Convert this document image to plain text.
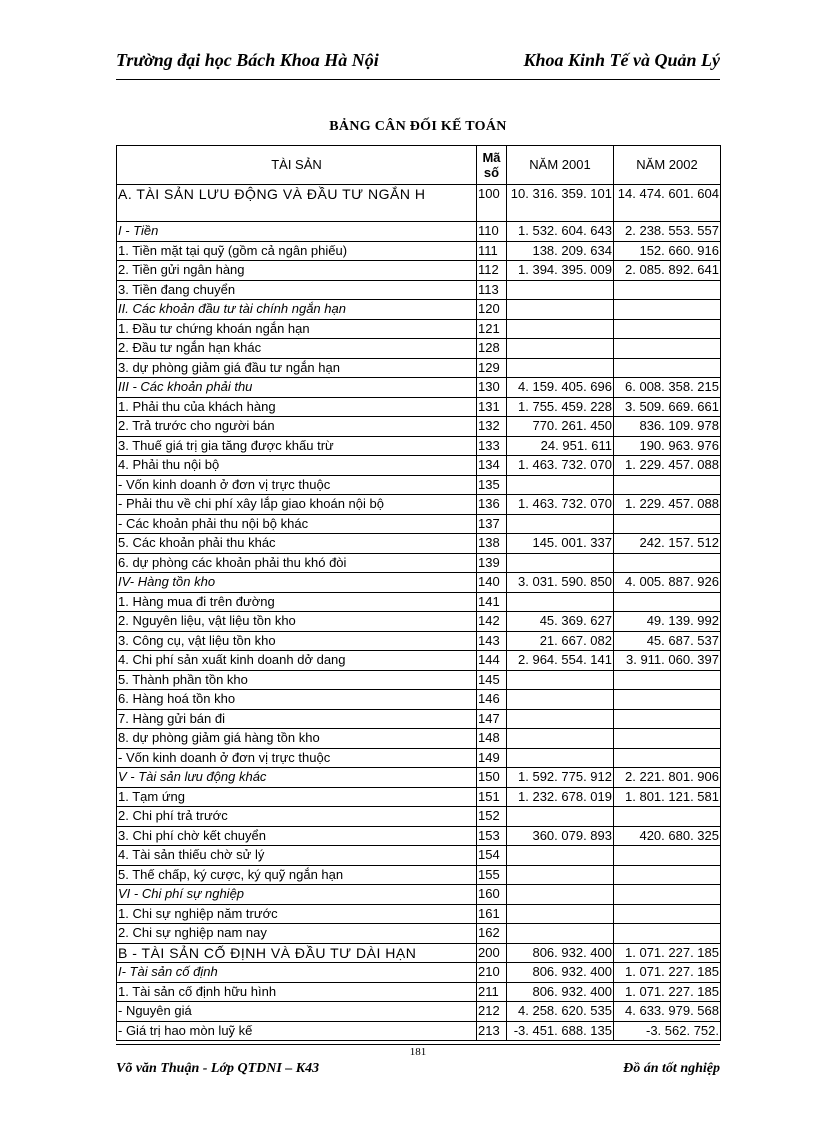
Trường đại học Bách Khoa Hà Nội	Khoa Kinh Tế và Quản Lý
BẢNG CÂN ĐỐI KẾ TOÁN
TÀI SẢN	Mã số	NĂM 2001	NĂM 2002
A. TÀI SẢN LƯU ĐỘNG VÀ ĐẦU TƯ NGẮN H	100	10. 316. 359. 101	14. 474. 601. 604
I - Tiền	110	1. 532. 604. 643	2. 238. 553. 557
1. Tiền mặt tại quỹ (gồm cả ngân phiếu)	111	138. 209. 634	152. 660. 916
2. Tiền gửi ngân hàng	112	1. 394. 395. 009	2. 085. 892. 641
3. Tiền đang chuyển	113		
II. Các khoản đầu tư tài chính ngắn hạn	120		
1. Đầu tư chứng khoán ngắn hạn	121		
2. Đầu tư ngắn hạn khác	128		
3. dự phòng giảm giá đầu tư ngắn hạn	129		
III - Các khoản phải thu	130	4. 159. 405. 696	6. 008. 358. 215
1. Phải thu của khách hàng	131	1. 755. 459. 228	3. 509. 669. 661
2. Trả trước cho người bán	132	770. 261. 450	836. 109. 978
3. Thuế giá trị gia tăng được khấu trừ	133	24. 951. 611	190. 963. 976
4. Phải thu nội bộ	134	1. 463. 732. 070	1. 229. 457. 088
- Vốn kinh doanh ở đơn vị trực thuộc	135		
- Phải thu về chi phí xây lắp giao khoán nội bộ	136	1. 463. 732. 070	1. 229. 457. 088
- Các khoản phải thu nội bộ khác	137		
5. Các khoản phải thu khác	138	145. 001. 337	242. 157. 512
6. dự phòng các khoản phải thu khó đòi	139		
IV- Hàng tồn kho	140	3. 031. 590. 850	4. 005. 887. 926
1. Hàng mua đi trên đường	141		
2. Nguyên liệu, vật liệu tồn kho	142	45. 369. 627	49. 139. 992
3. Công cụ, vật liệu tồn kho	143	21. 667. 082	45. 687. 537
4. Chi phí sản xuất kinh doanh dở dang	144	2. 964. 554. 141	3. 911. 060. 397
5. Thành phần tồn kho	145		
6. Hàng hoá tồn kho	146		
7. Hàng gửi bán đi	147		
8. dự phòng giảm giá hàng tồn kho	148		
- Vốn kinh doanh ở đơn vị trực thuộc	149		
V - Tài sản lưu động khác	150	1. 592. 775. 912	2. 221. 801. 906
1. Tạm ứng	151	1. 232. 678. 019	1. 801. 121. 581
2. Chi phí trả trước	152		
3. Chi phí chờ kết chuyển	153	360. 079. 893	420. 680. 325
4. Tài sản thiếu chờ sử lý	154		
5. Thế chấp, ký cược, ký quỹ ngắn hạn	155		
VI - Chi phí sự nghiệp	160		
1. Chi sự nghiệp năm trước	161		
2. Chi sự nghiệp nam nay	162		
B - TÀI SẢN CỐ ĐỊNH VÀ ĐẦU TƯ DÀI HẠN	200	806. 932. 400	1. 071. 227. 185
I- Tài sản cố định	210	806. 932. 400	1. 071. 227. 185
1. Tài sản cố định hữu hình	211	806. 932. 400	1. 071. 227. 185
- Nguyên giá	212	4. 258. 620. 535	4. 633. 979. 568
- Giá trị hao mòn luỹ kế	213	-3. 451. 688. 135	-3. 562. 752.
181
Võ văn Thuận - Lớp QTDNI – K43	Đồ án tốt nghiệp
